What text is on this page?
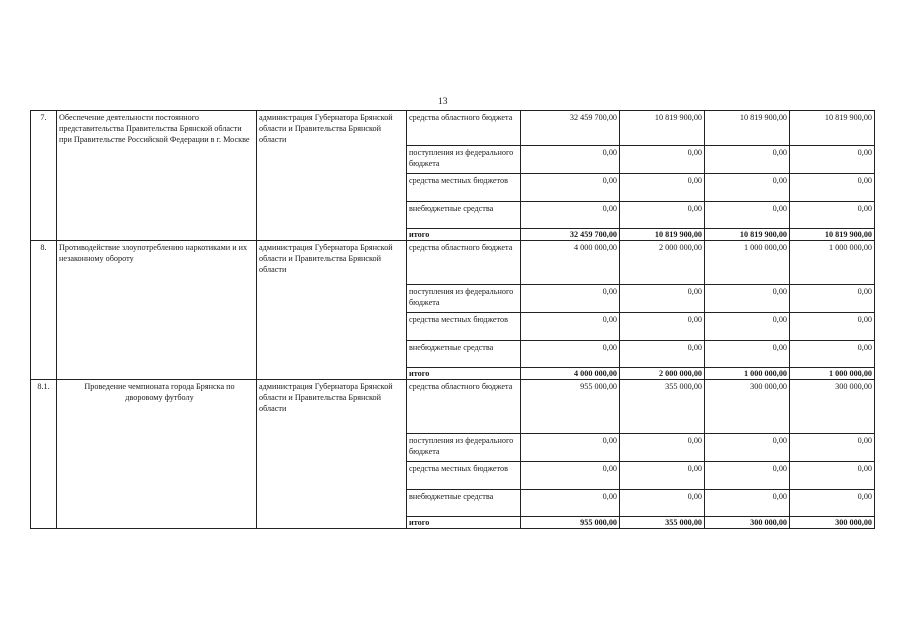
13
7.	Обеспечение деятельности постоянного представительства Правительства Брянской области при Правительстве Российской Федерации в г. Москве	администрация Губернатора Брянской области и Правительства Брянской области	средства областного бюджета	32 459 700,00	10 819 900,00	10 819 900,00	10 819 900,00
			поступления из федерального бюджета	0,00	0,00	0,00	0,00
			средства местных бюджетов	0,00	0,00	0,00	0,00
			внебюджетные средства	0,00	0,00	0,00	0,00
			итого	32 459 700,00	10 819 900,00	10 819 900,00	10 819 900,00
8.	Противодействие злоупотреблению наркотиками и их незаконному обороту	администрация Губернатора Брянской области и Правительства Брянской области	средства областного бюджета	4 000 000,00	2 000 000,00	1 000 000,00	1 000 000,00
			поступления из федерального бюджета	0,00	0,00	0,00	0,00
			средства местных бюджетов	0,00	0,00	0,00	0,00
			внебюджетные средства	0,00	0,00	0,00	0,00
			итого	4 000 000,00	2 000 000,00	1 000 000,00	1 000 000,00
8.1.	Проведение чемпионата города Брянска по дворовому футболу	администрация Губернатора Брянской области и Правительства Брянской области	средства областного бюджета	955 000,00	355 000,00	300 000,00	300 000,00
			поступления из федерального бюджета	0,00	0,00	0,00	0,00
			средства местных бюджетов	0,00	0,00	0,00	0,00
			внебюджетные средства	0,00	0,00	0,00	0,00
			итого	955 000,00	355 000,00	300 000,00	300 000,00
